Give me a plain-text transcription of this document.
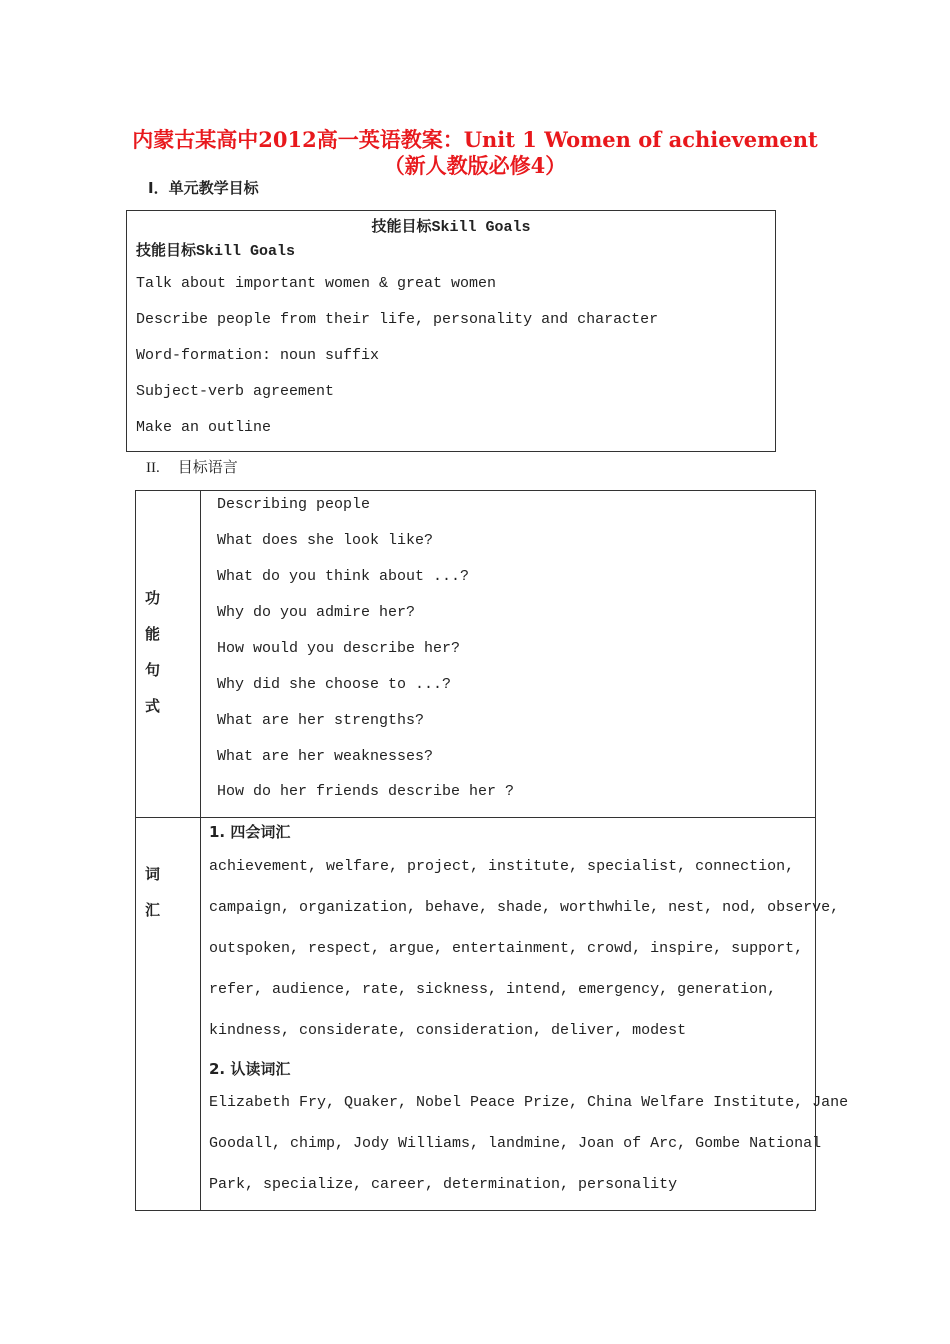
内蒙古某高中2012高一英语教案：Unit 1 Women of achievement
（新人教版必修4）
I．单元教学目标
技能目标Skill Goals
技能目标Skill Goals
Talk about important women & great women
Describe people from their life, personality and character
Word-formation: noun suffix
Subject-verb agreement
Make an outline
II. 目标语言
功
能
句
式
Describing people
What does she look like?
What do you think about ...?
Why do you admire her?
How would you describe her?
Why did she choose to ...?
What are her strengths?
What are her weaknesses?
How do her friends describe her ?
词
汇
1. 四会词汇
achievement, welfare, project, institute, specialist, connection,
campaign, organization, behave, shade, worthwhile, nest, nod, observe,
outspoken, respect, argue, entertainment, crowd, inspire, support,
refer, audience, rate, sickness, intend, emergency, generation,
kindness, considerate, consideration, deliver, modest
2. 认读词汇
Elizabeth Fry, Quaker, Nobel Peace Prize, China Welfare Institute, Jane
Goodall, chimp, Jody Williams, landmine, Joan of Arc, Gombe National
Park, specialize, career, determination, personality
